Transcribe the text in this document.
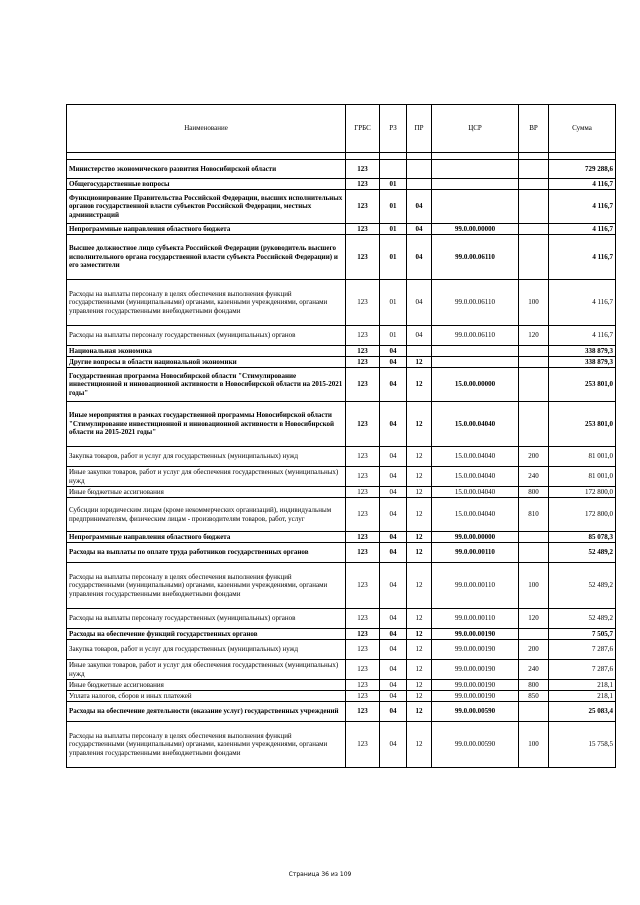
Наименование	ГРБС	РЗ	ПР	ЦСР	ВР	Сумма

Министерство экономического развития Новосибирской области	123					729 288,6
Общегосударственные вопросы	123	01				4 116,7
Функционирование Правительства Российской Федерации, высших исполнительных органов государственной власти субъектов Российской Федерации, местных администраций	123	01	04			4 116,7
Непрограммные направления областного бюджета	123	01	04	99.0.00.00000		4 116,7
Высшее должностное лицо субъекта Российской Федерации (руководитель высшего исполнительного органа государственной власти субъекта Российской Федерации) и его заместители	123	01	04	99.0.00.06110		4 116,7
Расходы на выплаты персоналу в целях обеспечения выполнения функций государственными (муниципальными) органами, казенными учреждениями, органами управления государственными внебюджетными фондами	123	01	04	99.0.00.06110	100	4 116,7
Расходы на выплаты персоналу государственных (муниципальных) органов	123	01	04	99.0.00.06110	120	4 116,7
Национальная экономика	123	04				338 879,3
Другие вопросы в области национальной экономики	123	04	12			338 879,3
Государственная программа Новосибирской области "Стимулирование инвестиционной и инновационной активности в Новосибирской области на 2015-2021 годы"	123	04	12	15.0.00.00000		253 801,0
Иные мероприятия в рамках государственной программы Новосибирской области "Стимулирование инвестиционной и инновационной активности в Новосибирской области на 2015-2021 годы"	123	04	12	15.0.00.04040		253 801,0
Закупка товаров, работ и услуг для государственных (муниципальных) нужд	123	04	12	15.0.00.04040	200	81 001,0
Иные закупки товаров, работ и услуг для обеспечения государственных (муниципальных) нужд	123	04	12	15.0.00.04040	240	81 001,0
Иные бюджетные ассигнования	123	04	12	15.0.00.04040	800	172 800,0
Субсидии юридическим лицам (кроме некоммерческих организаций), индивидуальным предпринимателям, физическим лицам - производителям товаров, работ, услуг	123	04	12	15.0.00.04040	810	172 800,0
Непрограммные направления областного бюджета	123	04	12	99.0.00.00000		85 078,3
Расходы на выплаты по оплате труда работников государственных органов	123	04	12	99.0.00.00110		52 489,2
Расходы на выплаты персоналу в целях обеспечения выполнения функций государственными (муниципальными) органами, казенными учреждениями, органами управления государственными внебюджетными фондами	123	04	12	99.0.00.00110	100	52 489,2
Расходы на выплаты персоналу государственных (муниципальных) органов	123	04	12	99.0.00.00110	120	52 489,2
Расходы на обеспечение функций государственных органов	123	04	12	99.0.00.00190		7 505,7
Закупка товаров, работ и услуг для государственных (муниципальных) нужд	123	04	12	99.0.00.00190	200	7 287,6
Иные закупки товаров, работ и услуг для обеспечения государственных (муниципальных) нужд	123	04	12	99.0.00.00190	240	7 287,6
Иные бюджетные ассигнования	123	04	12	99.0.00.00190	800	218,1
Уплата налогов, сборов и иных платежей	123	04	12	99.0.00.00190	850	218,1
Расходы на обеспечение деятельности (оказание услуг) государственных учреждений	123	04	12	99.0.00.00590		25 083,4
Расходы на выплаты персоналу в целях обеспечения выполнения функций государственными (муниципальными) органами, казенными учреждениями, органами управления государственными внебюджетными фондами	123	04	12	99.0.00.00590	100	15 758,5
Страница 36 из 109
